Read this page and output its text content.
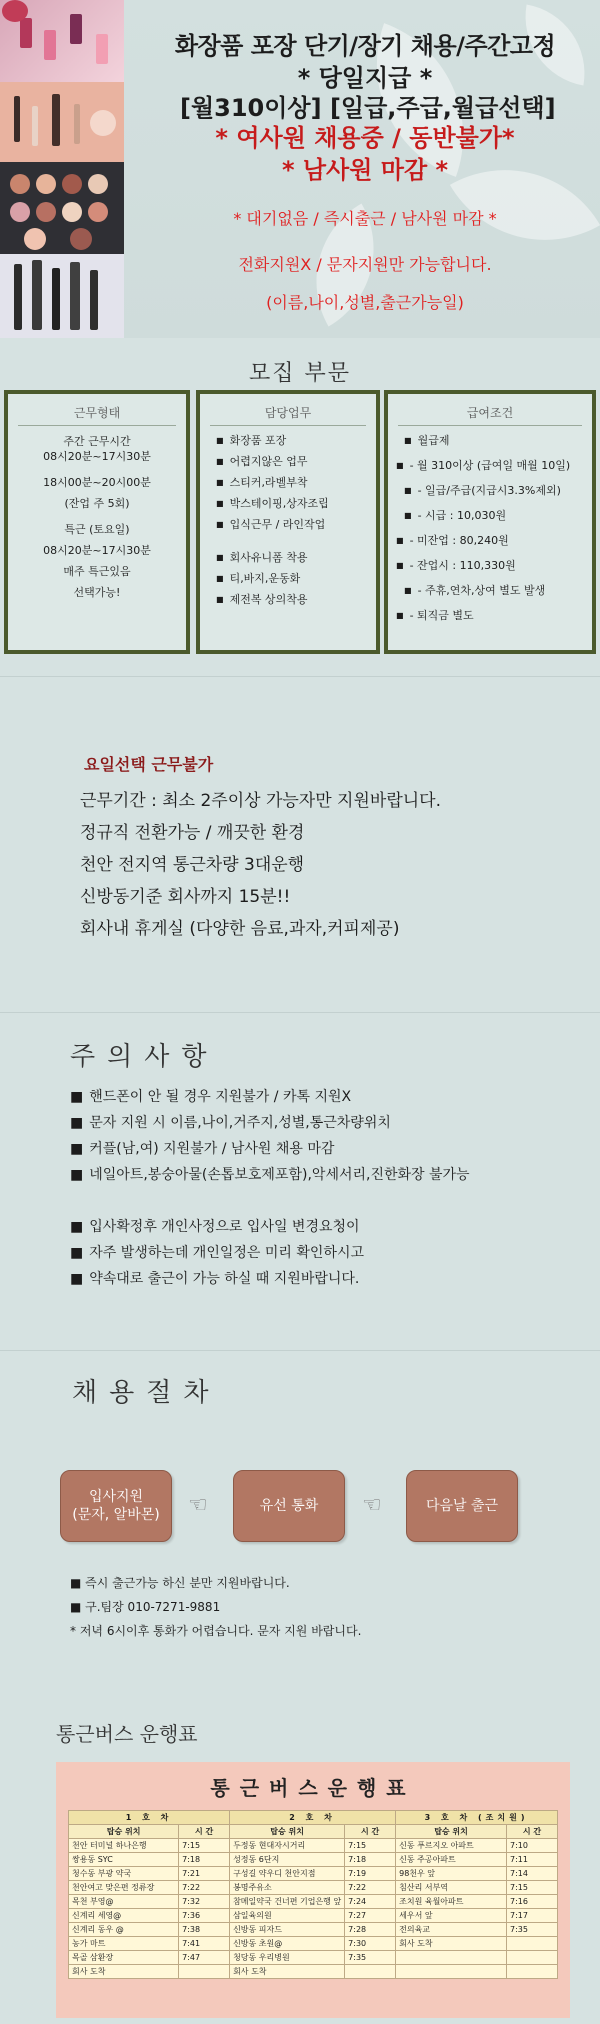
화장품 포장 단기/장기 채용/주간고정
* 당일지급 *
[월310이상] [일급,주급,월급선택]
* 여사원 채용중 / 동반불가*
* 남사원 마감 *
* 대기없음 / 즉시출근 / 남사원 마감 *
전화지원X / 문자지원만 가능합니다.
(이름,나이,성별,출근가능일)
모집 부문
근무형태
주간 근무시간
08시20분~17시30분
18시00분~20시00분
(잔업 주 5회)
특근 (토요일)
08시20분~17시30분
매주 특근있음
선택가능!
담당업무
■ 화장품 포장
■ 어렵지않은 업무
■ 스티커,라벨부착
■ 박스테이핑,상자조립
■ 입식근무 / 라인작업
■ 회사유니폼 착용
■ 티,바지,운동화
■ 제전복 상의착용
급여조건
■ 월급제
■ - 월 310이상 (급여일 매월 10일)
■ - 일급/주급(지급시3.3%제외)
■ - 시급 : 10,030원
■ - 미잔업 : 80,240원
■ - 잔업시 : 110,330원
■ - 주휴,연차,상여 별도 발생
■ - 퇴직금 별도
요일선택 근무불가
근무기간 : 최소 2주이상 가능자만 지원바랍니다.
정규직 전환가능 / 깨끗한 환경
천안 전지역 통근차량 3대운행
신방동기준 회사까지 15분!!
회사내 휴게실 (다양한 음료,과자,커피제공)
주의사항
■ 핸드폰이 안 될 경우 지원불가 / 카톡 지원X
■ 문자 지원 시 이름,나이,거주지,성별,통근차량위치
■ 커플(남,여) 지원불가 / 남사원 채용 마감
■ 네일아트,봉숭아물(손톱보호제포함),악세서리,진한화장 불가능
■ 입사확정후 개인사정으로 입사일 변경요청이
■ 자주 발생하는데 개인일정은 미리 확인하시고
■ 약속대로 출근이 가능 하실 때 지원바랍니다.
채용절차
입사지원
(문자, 알바몬) ☜	유선 통화 ☜	다음날 출근
■ 즉시 출근가능 하신 분만 지원바랍니다.
■ 구.팀장 010-7271-9881
* 저녁 6시이후 통화가 어렵습니다. 문자 지원 바랍니다.
통근버스 운행표
통근버스운행표
1 호 차		2 호 차		3 호 차 (조치원)	
탑승 위치	시 간	탑승 위치	시 간	탑승 위치	시 간
천안 터미널 하나은행	7:15	두정동 현대자시거리	7:15	신동 푸르지오 아파트	7:10
쌍용동 SYC	7:18	성정동 6단지	7:18	신동 주공아파트	7:11
청수동 부광 약국	7:21	구성길 약우디 천안지점	7:19	98천우 앞	7:14
천안여고 맞은편 정류장	7:22	봉명주유소	7:22	침산리 서부역	7:15
목천 부영@	7:32	참메일약국 건너편 기업은행 앞	7:24	조치원 육월아파트	7:16
신계리 세영@	7:36	삼일육의원	7:27	세우서 앞	7:17
신계리 동우 @	7:38	신방동 피자드	7:28	전의육교	7:35
농가 마트	7:41	신방동 초원@	7:30	회사 도착	
목골 삼환장	7:47	청당동 우리병원	7:35		
회사 도착		회사 도착			
